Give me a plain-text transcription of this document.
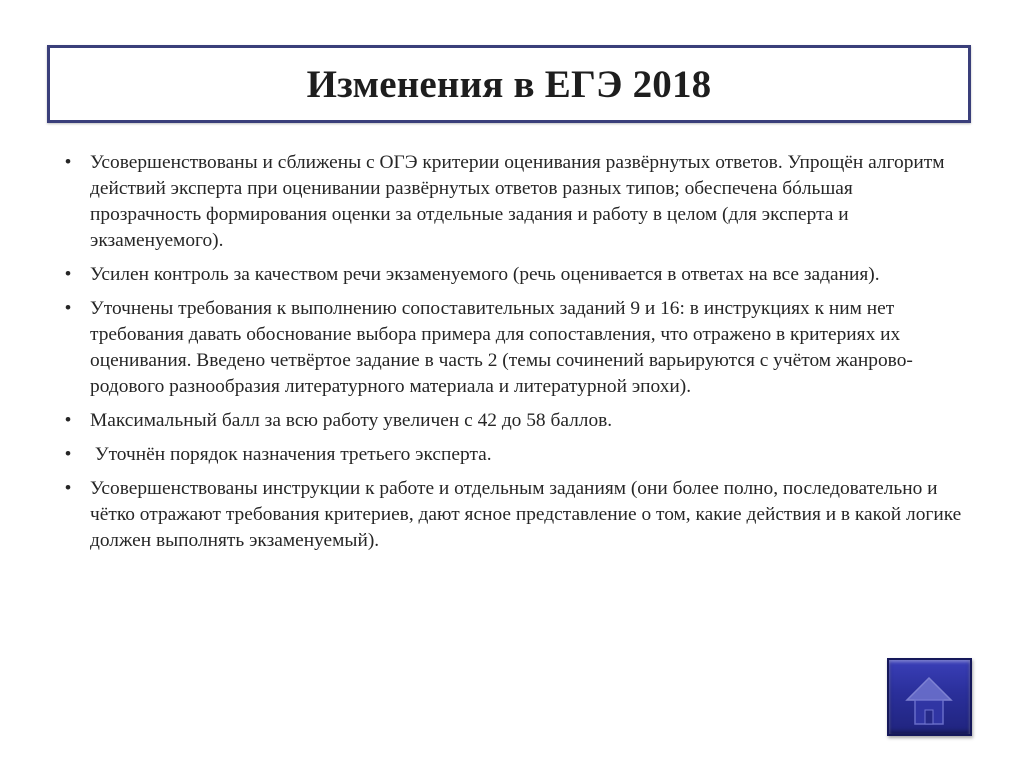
Изменения в ЕГЭ 2018
• Усовершенствованы и сближены с ОГЭ критерии оценивания развёрнутых ответов. Упрощён алгоритм действий эксперта при оценивании развёрнутых ответов разных типов; обеспечена бóльшая прозрачность формирования оценки за отдельные задания и работу в целом (для эксперта и экзаменуемого).
• Усилен контроль за качеством речи экзаменуемого (речь оценивается в ответах на все задания).
• Уточнены требования к выполнению сопоставительных заданий 9 и 16: в инструкциях к ним нет требования давать обоснование выбора примера для сопоставления, что отражено в критериях их оценивания. Введено четвёртое задание в часть 2 (темы сочинений варьируются с учётом жанрово-родового разнообразия литературного материала и литературной эпохи).
• Максимальный балл за всю работу увеличен с 42 до 58 баллов.
• Уточнён порядок назначения третьего эксперта.
• Усовершенствованы инструкции к работе и отдельным заданиям (они более полно, последовательно и чётко отражают требования критериев, дают ясное представление о том, какие действия и в какой логике должен выполнять экзаменуемый).
